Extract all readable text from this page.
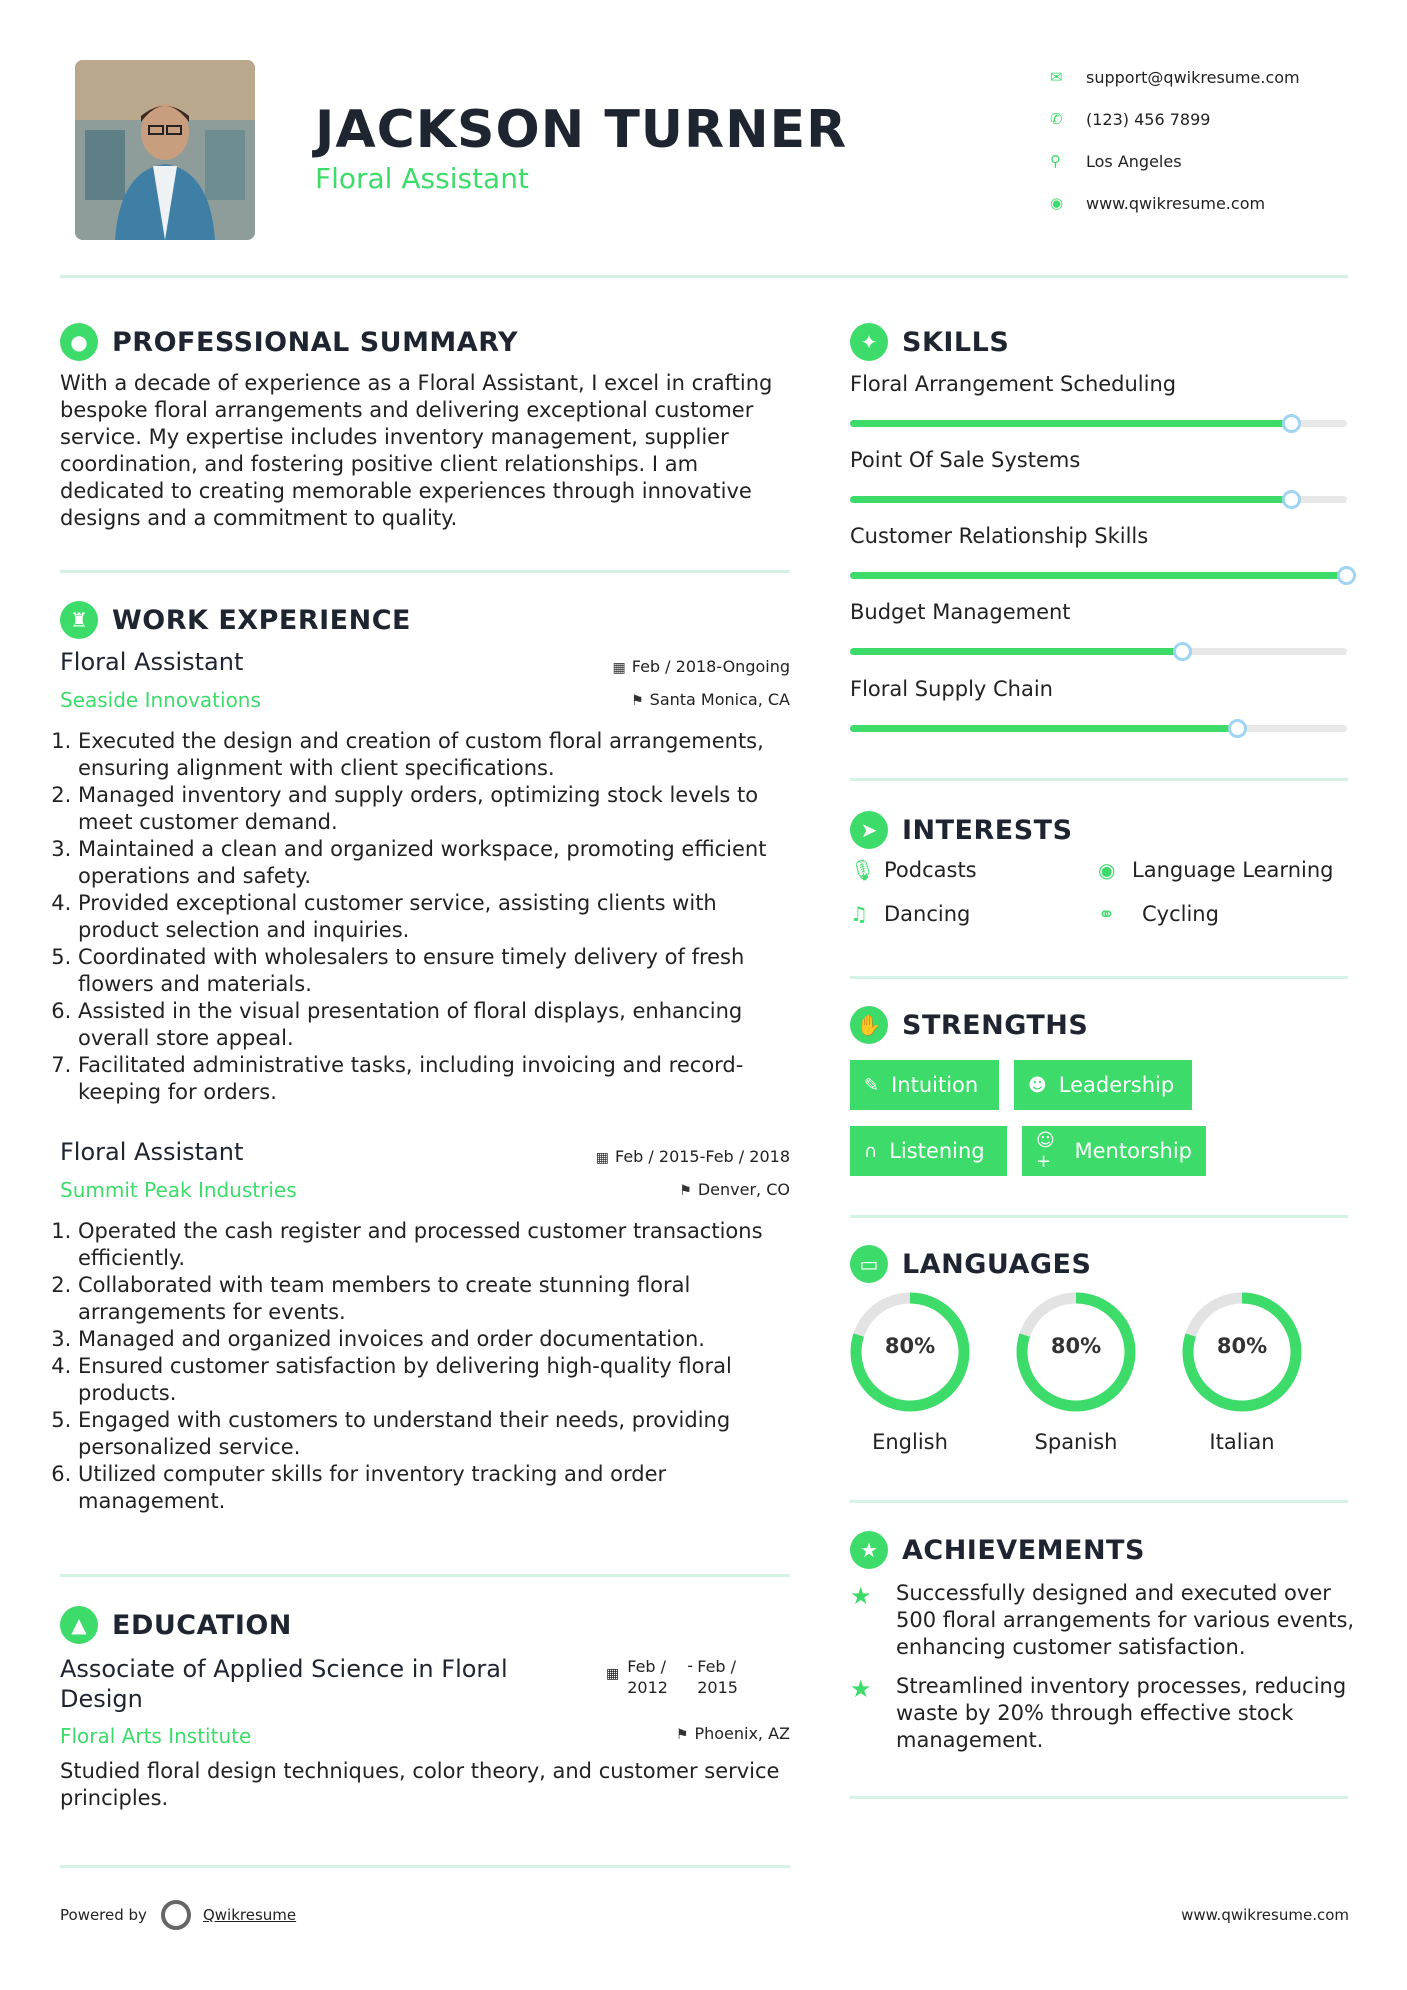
JACKSON TURNER
Floral Assistant
✉	support@qwikresume.com
✆	(123) 456 7899
⚲	Los Angeles
◉	www.qwikresume.com
● PROFESSIONAL SUMMARY
With a decade of experience as a Floral Assistant, I excel in crafting bespoke floral arrangements and delivering exceptional customer service. My expertise includes inventory management, supplier coordination, and fostering positive client relationships. I am dedicated to creating memorable experiences through innovative designs and a commitment to quality.
♜ WORK EXPERIENCE
Floral Assistant	▦ Feb / 2018-Ongoing
Seaside Innovations	⚑ Santa Monica, CA
1. Executed the design and creation of custom floral arrangements, ensuring alignment with client specifications.
2. Managed inventory and supply orders, optimizing stock levels to meet customer demand.
3. Maintained a clean and organized workspace, promoting efficient operations and safety.
4. Provided exceptional customer service, assisting clients with product selection and inquiries.
5. Coordinated with wholesalers to ensure timely delivery of fresh flowers and materials.
6. Assisted in the visual presentation of floral displays, enhancing overall store appeal.
7. Facilitated administrative tasks, including invoicing and record-keeping for orders.
Floral Assistant	▦ Feb / 2015-Feb / 2018
Summit Peak Industries	⚑ Denver, CO
1. Operated the cash register and processed customer transactions efficiently.
2. Collaborated with team members to create stunning floral arrangements for events.
3. Managed and organized invoices and order documentation.
4. Ensured customer satisfaction by delivering high-quality floral products.
5. Engaged with customers to understand their needs, providing personalized service.
6. Utilized computer skills for inventory tracking and order management.
▲ EDUCATION
Associate of Applied Science in Floral Design
▦ Feb / 2012
- Feb / 2015
Floral Arts Institute	⚑ Phoenix, AZ
Studied floral design techniques, color theory, and customer service principles.
✦ SKILLS
Floral Arrangement Scheduling
Point Of Sale Systems
Customer Relationship Skills
Budget Management
Floral Supply Chain
➤ INTERESTS
🎙 Podcasts	◉ Language Learning
♫ Dancing	⚭	Cycling
✋ STRENGTHS
✎ Intuition	☻ Leadership
∩ Listening	☺+	Mentorship
▭ LANGUAGES
80%
English
80%
Spanish
80%
Italian
★ ACHIEVEMENTS
★	Successfully designed and executed over 500 floral arrangements for various events, enhancing customer satisfaction.
★	Streamlined inventory processes, reducing waste by 20% through effective stock management.
Powered by	Qwikresume	www.qwikresume.com
